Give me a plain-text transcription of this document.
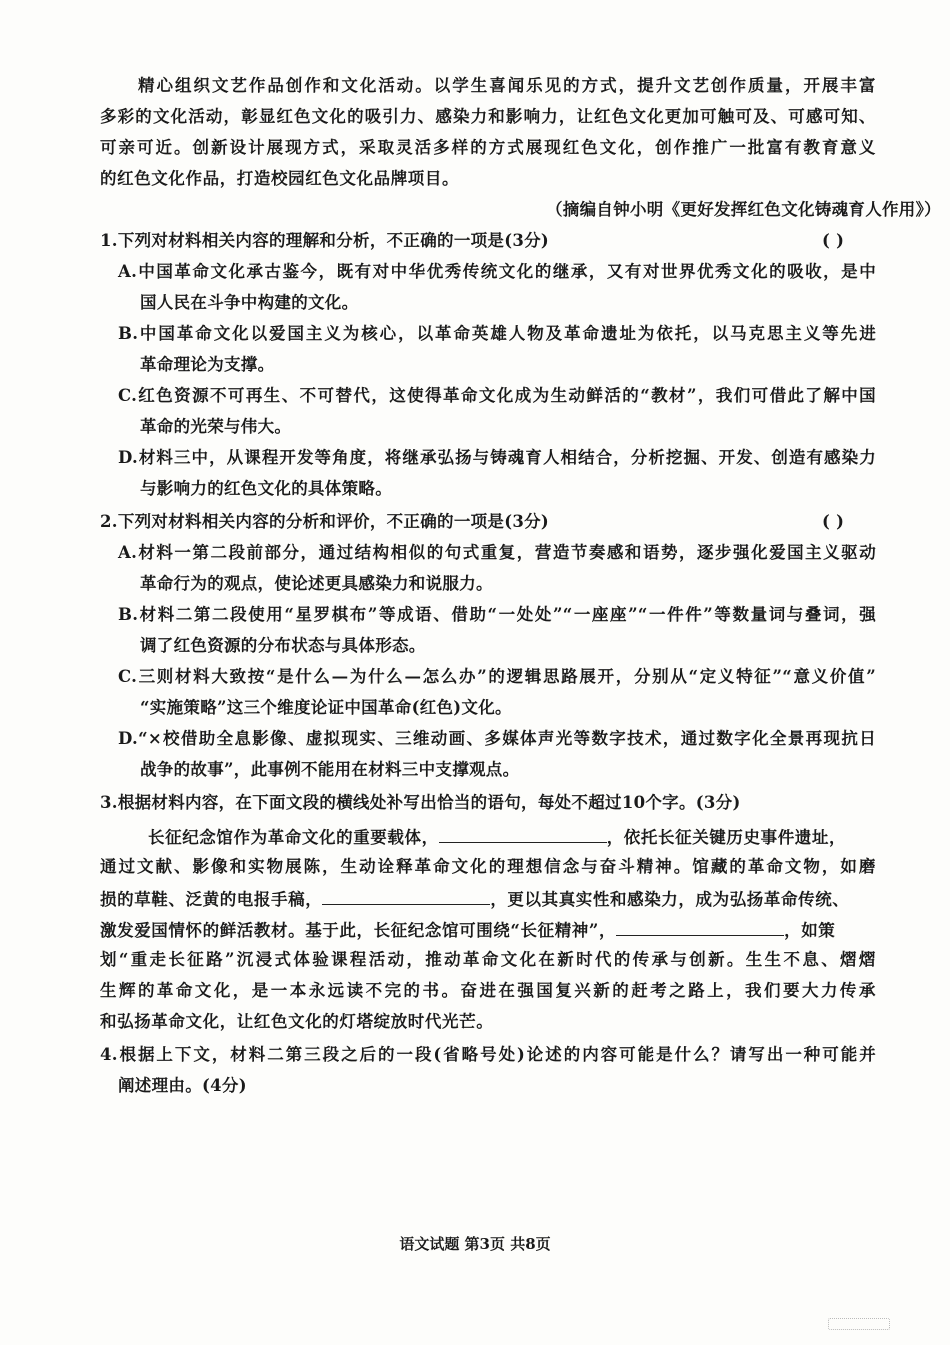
精心组织文艺作品创作和文化活动。以学生喜闻乐见的方式，提升文艺创作质量，开展丰富
多彩的文化活动，彰显红色文化的吸引力、感染力和影响力，让红色文化更加可触可及、可感可知、
可亲可近。创新设计展现方式，采取灵活多样的方式展现红色文化，创作推广一批富有教育意义
的红色文化作品，打造校园红色文化品牌项目。
（摘编自钟小明《更好发挥红色文化铸魂育人作用》）
1.下列对材料相关内容的理解和分析，不正确的一项是(3分)	( )
A.中国革命文化承古鉴今，既有对中华优秀传统文化的继承，又有对世界优秀文化的吸收，是中
国人民在斗争中构建的文化。
B.中国革命文化以爱国主义为核心，以革命英雄人物及革命遗址为依托，以马克思主义等先进
革命理论为支撑。
C.红色资源不可再生、不可替代，这使得革命文化成为生动鲜活的“教材”，我们可借此了解中国
革命的光荣与伟大。
D.材料三中，从课程开发等角度，将继承弘扬与铸魂育人相结合，分析挖掘、开发、创造有感染力
与影响力的红色文化的具体策略。
2.下列对材料相关内容的分析和评价，不正确的一项是(3分)	( )
A.材料一第二段前部分，通过结构相似的句式重复，营造节奏感和语势，逐步强化爱国主义驱动
革命行为的观点，使论述更具感染力和说服力。
B.材料二第二段使用“星罗棋布”等成语、借助“一处处”“一座座”“一件件”等数量词与叠词，强
调了红色资源的分布状态与具体形态。
C.三则材料大致按“是什么—为什么—怎么办”的逻辑思路展开，分别从“定义特征”“意义价值”
“实施策略”这三个维度论证中国革命(红色)文化。
D.“×校借助全息影像、虚拟现实、三维动画、多媒体声光等数字技术，通过数字化全景再现抗日
战争的故事”，此事例不能用在材料三中支撑观点。
3.根据材料内容，在下面文段的横线处补写出恰当的语句，每处不超过10个字。(3分)
长征纪念馆作为革命文化的重要载体，	，依托长征关键历史事件遗址，
通过文献、影像和实物展陈，生动诠释革命文化的理想信念与奋斗精神。馆藏的革命文物，如磨
损的草鞋、泛黄的电报手稿，	，更以其真实性和感染力，成为弘扬革命传统、
激发爱国情怀的鲜活教材。基于此，长征纪念馆可围绕“长征精神”，	，如策
划“重走长征路”沉浸式体验课程活动，推动革命文化在新时代的传承与创新。生生不息、熠熠
生辉的革命文化，是一本永远读不完的书。奋进在强国复兴新的赶考之路上，我们要大力传承
和弘扬革命文化，让红色文化的灯塔绽放时代光芒。
4.根据上下文，材料二第三段之后的一段(省略号处)论述的内容可能是什么？请写出一种可能并
阐述理由。(4分)
语文试题 第3页 共8页
